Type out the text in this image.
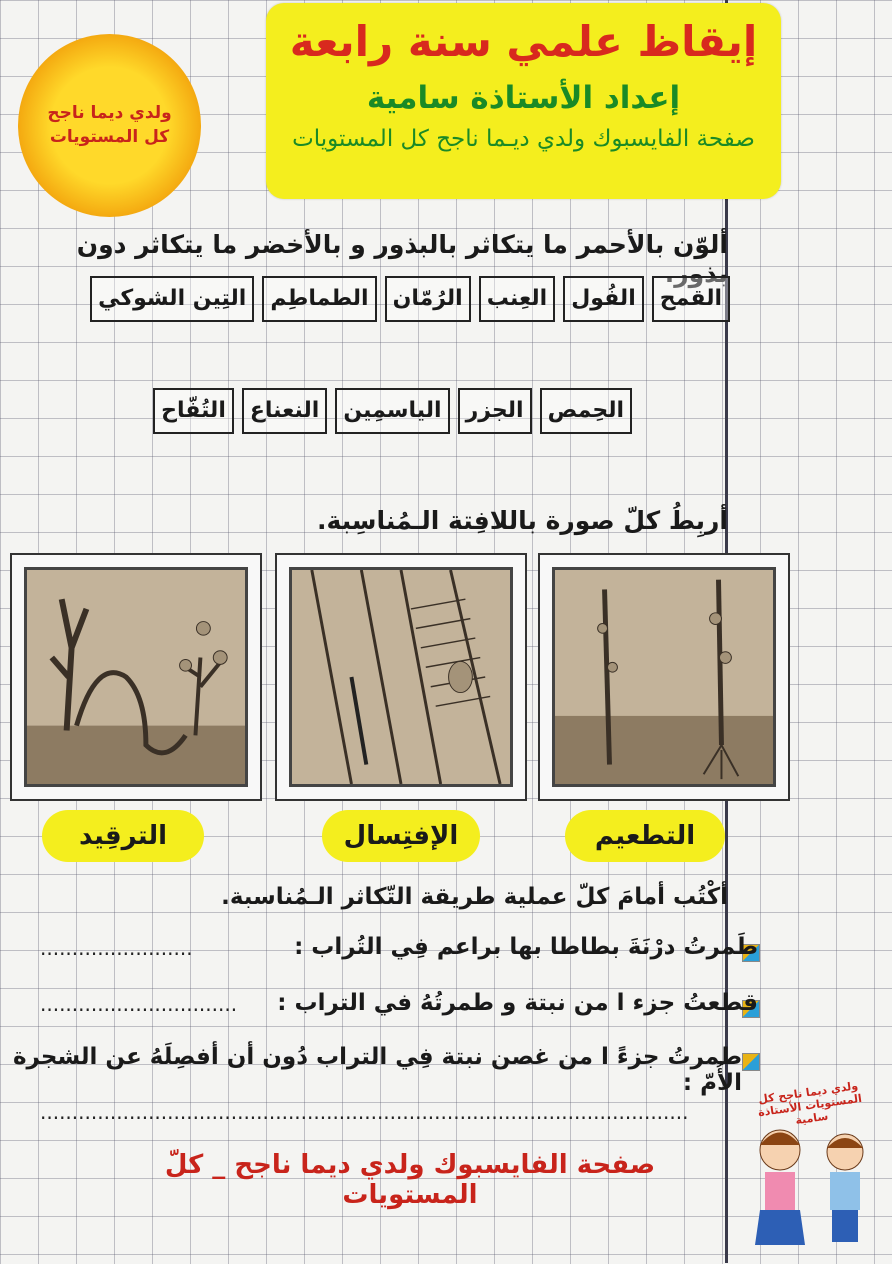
إيقاظ علمي سنة رابعة
إعداد الأستاذة سامية
صفحة الفايسبوك ولدي ديـما ناجح كل المستويات
ولدي ديما ناجح كل المستويات
ألوّن بالأحمر ما يتكاثر بالبذور و بالأخضر ما يتكاثر دون بذور.
القمح
الفُول
العِنب
الرُمّان
الطماطِم
التِين الشوكي
الحِمص
الجزر
الياسمِين
النعناع
التُفّاح
أربِطُ كلّ صورة باللافِتة الـمُناسِبة.
التطعيم
الإفتِسال
الترقِيد
أكْتُب أمامَ كلّ عملية طريقة التّكاثر الـمُناسبة.
طَمرتُ درْنَةَ بطاطا بها براعم فِي التُراب :
........................
قطعتُ جزء ا من نبتة و طمرتُهُ في التراب :
...............................
طمرتُ جزءً ا من غصن نبتة فِي التراب دُون أن أفصِلَهُ عن الشجرة الأُمّ :
......................................................................................................
صفحة الفايسبوك ولدي ديما ناجح _ كلّ المستويات
ولدي ديما ناجح كل المستويات الأستاذة سامية
